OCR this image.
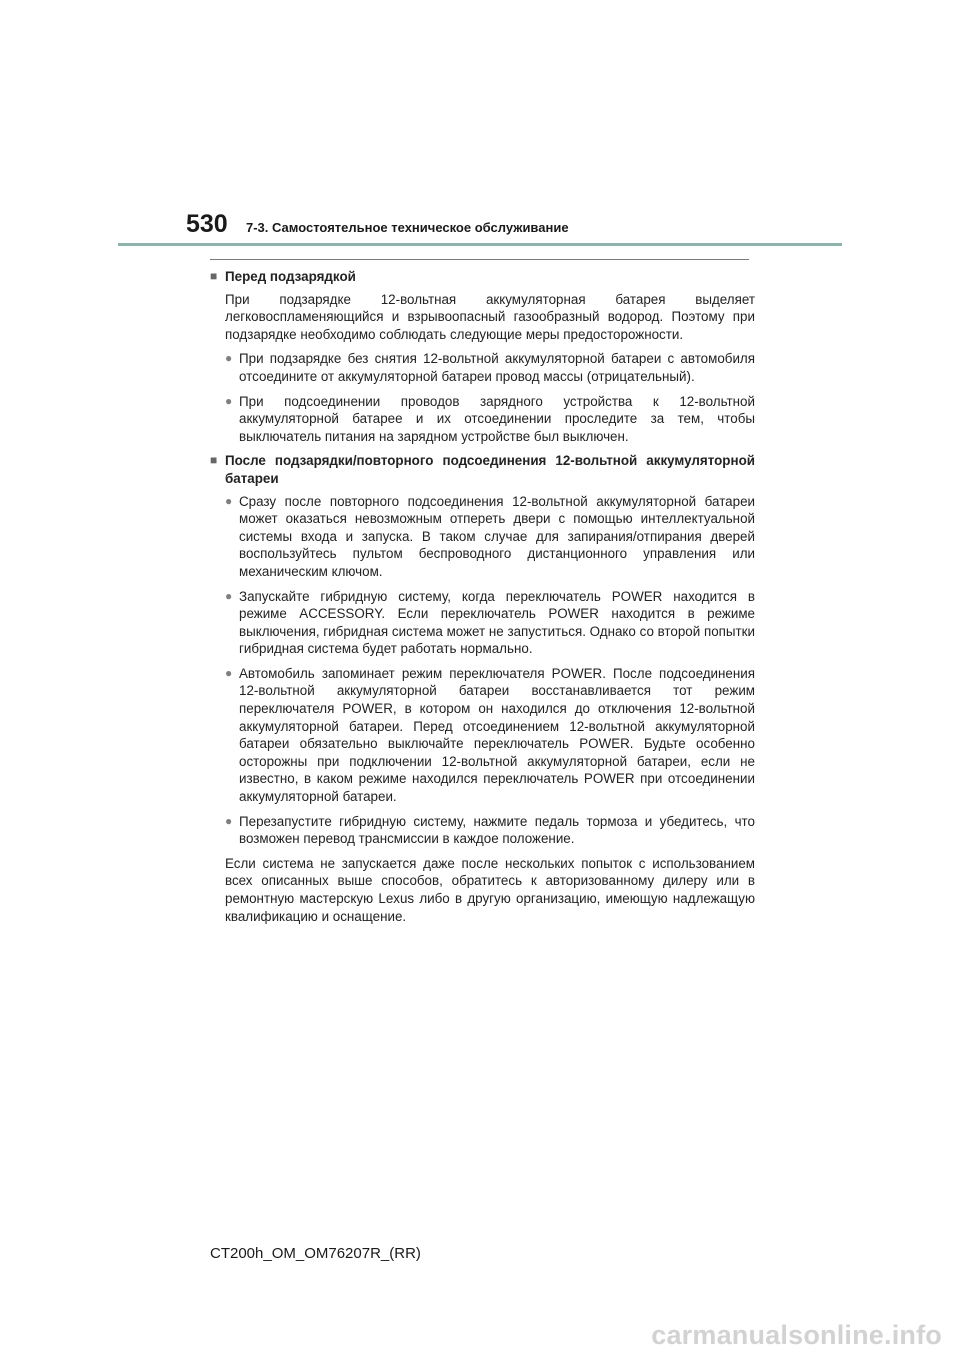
530 7-3. Самостоятельное техническое обслуживание
■ Перед подзарядкой

При подзарядке 12-вольтная аккумуляторная батарея выделяет легковоспламеняющийся и взрывоопасный газообразный водород. Поэтому при подзарядке необходимо соблюдать следующие меры предосторожности.

● При подзарядке без снятия 12-вольтной аккумуляторной батареи с автомобиля отсоедините от аккумуляторной батареи провод массы (отрицательный).
● При подсоединении проводов зарядного устройства к 12-вольтной аккумуляторной батарее и их отсоединении проследите за тем, чтобы выключатель питания на зарядном устройстве был выключен.
■ После подзарядки/повторного подсоединения 12-вольтной аккумуляторной батареи
● Сразу после повторного подсоединения 12-вольтной аккумуляторной батареи может оказаться невозможным отпереть двери с помощью интеллектуальной системы входа и запуска. В таком случае для запирания/отпирания дверей воспользуйтесь пультом беспроводного дистанционного управления или механическим ключом.
● Запускайте гибридную систему, когда переключатель POWER находится в режиме ACCESSORY. Если переключатель POWER находится в режиме выключения, гибридная система может не запуститься. Однако со второй попытки гибридная система будет работать нормально.
● Автомобиль запоминает режим переключателя POWER. После подсоединения 12-вольтной аккумуляторной батареи восстанавливается тот режим переключателя POWER, в котором он находился до отключения 12-вольтной аккумуляторной батареи. Перед отсоединением 12-вольтной аккумуляторной батареи обязательно выключайте переключатель POWER. Будьте особенно осторожны при подключении 12-вольтной аккумуляторной батареи, если не известно, в каком режиме находился переключатель POWER при отсоединении аккумуляторной батареи.
● Перезапустите гибридную систему, нажмите педаль тормоза и убедитесь, что возможен перевод трансмиссии в каждое положение.

Если система не запускается даже после нескольких попыток с использованием всех описанных выше способов, обратитесь к авторизованному дилеру или в ремонтную мастерскую Lexus либо в другую организацию, имеющую надлежащую квалификацию и оснащение.

CT200h_OM_OM76207R_(RR)
carmanualsonline.info
